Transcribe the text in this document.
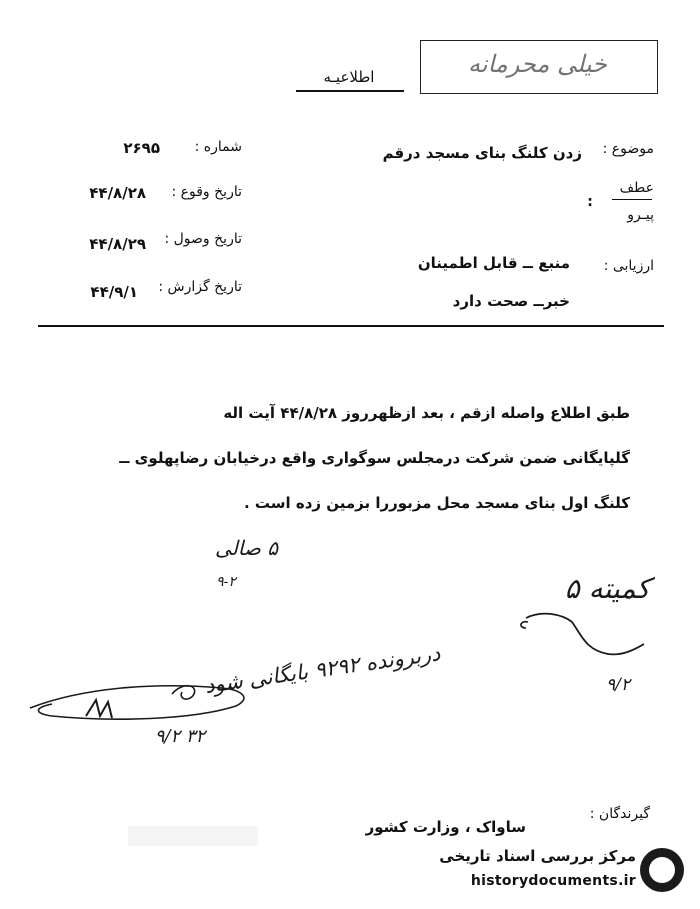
خیلی محرمانه
اطلاعیـه
شماره :
۲۶۹۵
تاریخ وقوع :
۴۴/۸/۲۸
تاریخ وصول :
۴۴/۸/۲۹
تاریخ گزارش :
۴۴/۹/۱
موضوع :
زدن کلنگ بنای مسجد درقم
عطف
:
پیـرو
ارزیابی :
منبع ــ قابل اطمینان
خبرــ صحت دارد
طبق اطلاع واصله ازقم ، بعد ازظهرروز ۴۴/۸/۲۸ آیت اله
گلپایگانی ضمن شرکت درمجلس سوگواری واقع درخیابان رضاپهلوی ــ
کلنگ اول بنای مسجد محل مزبوررا بزمین زده است .
۵ صالی
۹-۲	کمیته ۵
۹/۲
دربرونده ۹۲۹۲ بایگانی شود
۹/۲ ۳۲
گیرندگان :
ساواک ، وزارت کشور
مرکز بررسی اسناد تاریخی
historydocuments.ir
